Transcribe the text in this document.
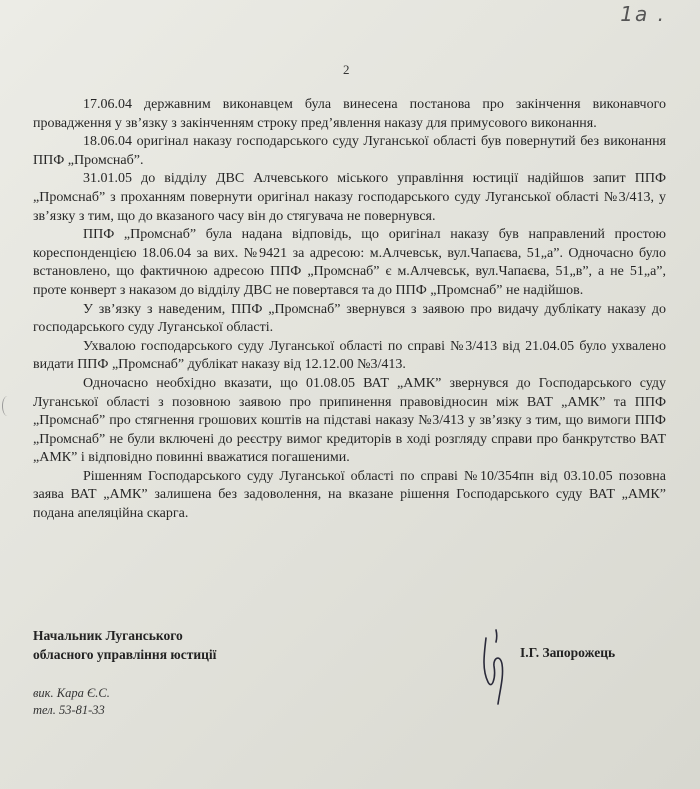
1a .
2

17.06.04 державним виконавцем була винесена постанова про закінчення виконавчого провадження у зв’язку з закінченням строку пред’явлення наказу для примусового виконання.

18.06.04 оригінал наказу господарського суду Луганської області був повернутий без виконання ППФ „Промснаб”.

31.01.05 до відділу ДВС Алчевського міського управління юстиції надійшов запит ППФ „Промснаб” з проханням повернути оригінал наказу господарського суду Луганської області №3/413, у зв’язку з тим, що до вказаного часу він до стягувача не повернувся.

ППФ „Промснаб” була надана відповідь, що оригінал наказу був направлений простою кореспонденцією 18.06.04 за вих. №9421 за адресою: м.Алчевськ, вул.Чапаєва, 51„а”. Одночасно було встановлено, що фактичною адресою ППФ „Промснаб” є м.Алчевськ, вул.Чапаєва, 51„в”, а не 51„а”, проте конверт з наказом до відділу ДВС не повертався та до ППФ „Промснаб” не надійшов.

У зв’язку з наведеним, ППФ „Промснаб” звернувся з заявою про видачу дублікату наказу до господарського суду Луганської області.

Ухвалою господарського суду Луганської області по справі №3/413 від 21.04.05 було ухвалено видати ППФ „Промснаб” дублікат наказу від 12.12.00 №3/413.

Одночасно необхідно вказати, що 01.08.05 ВАТ „АМК” звернувся до Господарського суду Луганської області з позовною заявою про припинення правовідносин між ВАТ „АМК” та ППФ „Промснаб” про стягнення грошових коштів на підставі наказу №3/413 у зв’язку з тим, що вимоги ППФ „Промснаб” не були включені до реєстру вимог кредиторів в ході розгляду справи про банкрутство ВАТ „АМК” і відповідно повинні вважатися погашеними.

Рішенням Господарського суду Луганської області по справі №10/354пн від 03.10.05 позовна заява ВАТ „АМК” залишена без задоволення, на вказане рішення Господарського суду ВАТ „АМК” подана апеляційна скарга.

Начальник Луганського
обласного управління юстиції	І.Г. Запорожець
вик. Кара Є.С.
тел. 53-81-33
